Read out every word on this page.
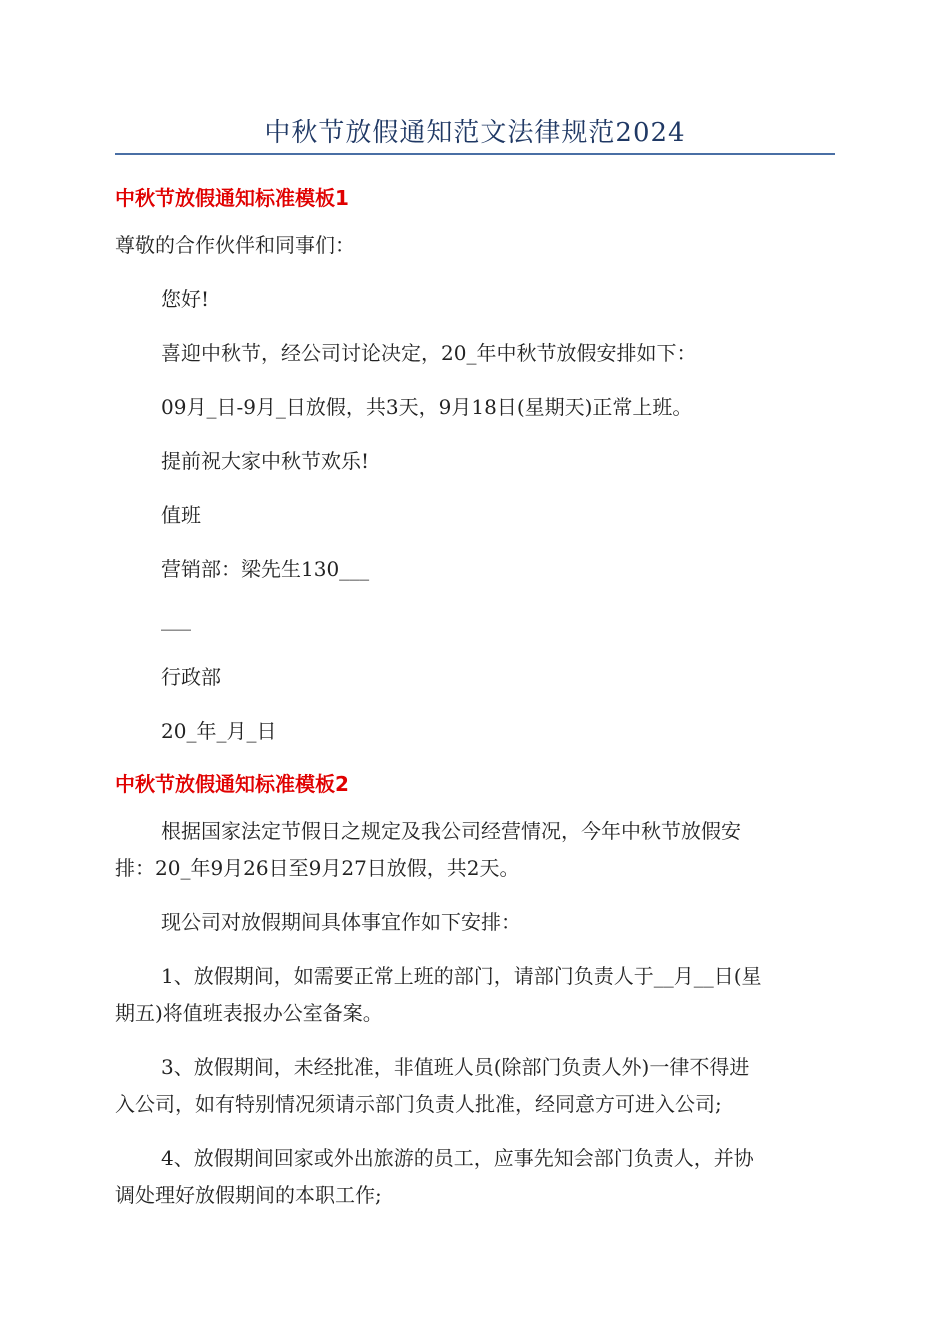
中秋节放假通知范文法律规范2024
中秋节放假通知标准模板1
尊敬的合作伙伴和同事们：
您好!
喜迎中秋节，经公司讨论决定，20_年中秋节放假安排如下：
09月_日-9月_日放假，共3天，9月18日(星期天)正常上班。
提前祝大家中秋节欢乐!
值班
营销部：梁先生130___
___
行政部
20_年_月_日
中秋节放假通知标准模板2
根据国家法定节假日之规定及我公司经营情况，今年中秋节放假安
排：20_年9月26日至9月27日放假，共2天。
现公司对放假期间具体事宜作如下安排：
1、放假期间，如需要正常上班的部门，请部门负责人于__月__日(星
期五)将值班表报办公室备案。
3、放假期间，未经批准，非值班人员(除部门负责人外)一律不得进
入公司，如有特别情况须请示部门负责人批准，经同意方可进入公司;
4、放假期间回家或外出旅游的员工，应事先知会部门负责人，并协
调处理好放假期间的本职工作;
